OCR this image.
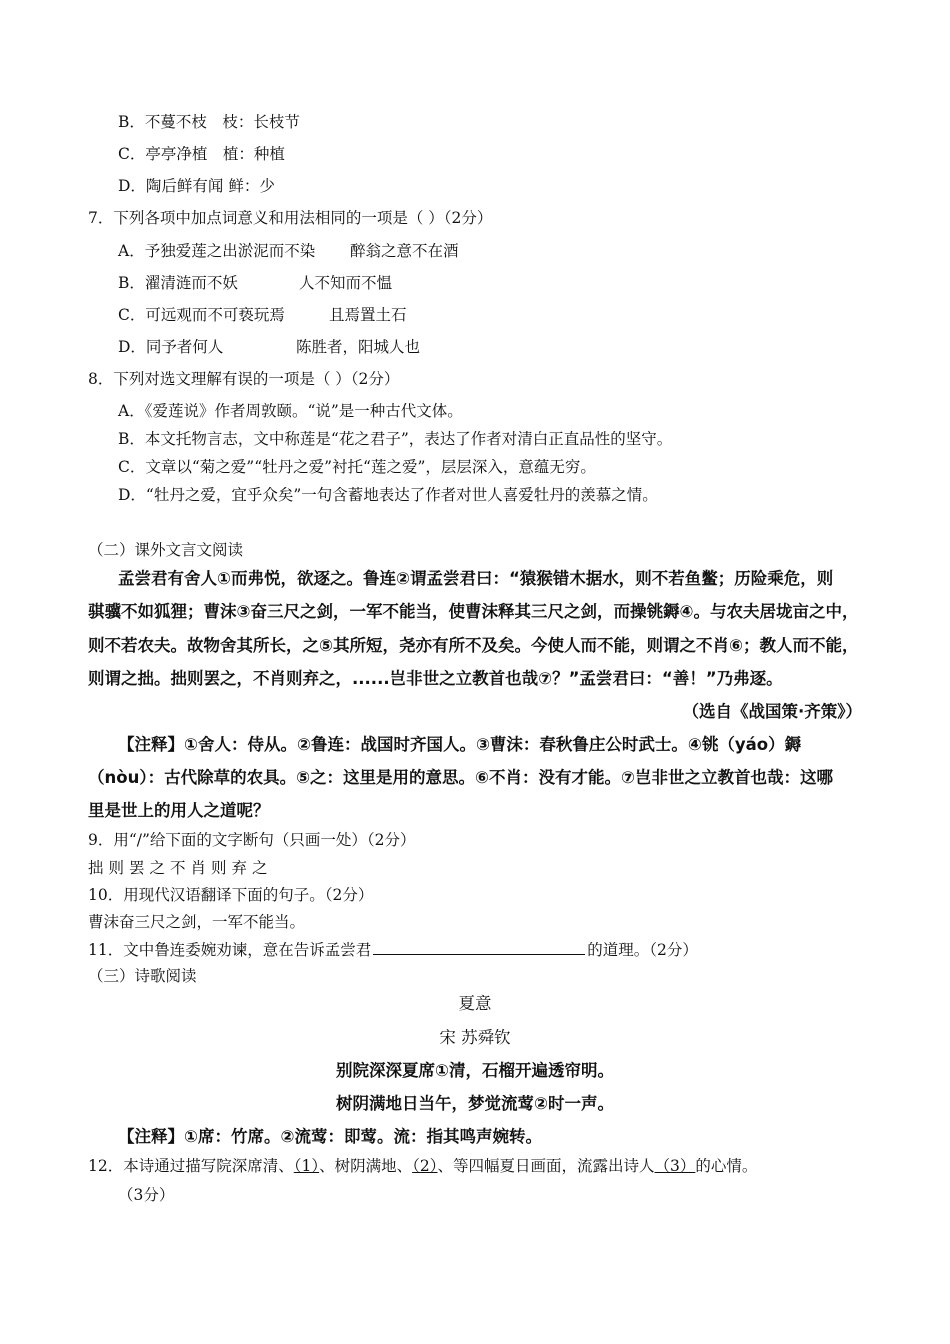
B．不蔓不枝　枝：长枝节
C．亭亭净植　植：种植
D．陶后鲜有闻 鲜：少
7．下列各项中加点词意义和用法相同的一项是（ ）（2分）
A．予独爱莲之出淤泥而不染 醉翁之意不在酒
B．濯清涟而不妖	人不知而不愠
C．可远观而不可亵玩焉	且焉置土石
D．同予者何人	陈胜者，阳城人也
8．下列对选文理解有误的一项是（ ）（2分）
A．《爱莲说》作者周敦颐。“说”是一种古代文体。
B．本文托物言志，文中称莲是“花之君子”，表达了作者对清白正直品性的坚守。
C．文章以“菊之爱”“牡丹之爱”衬托“莲之爱”，层层深入，意蕴无穷。
D．“牡丹之爱，宜乎众矣”一句含蓄地表达了作者对世人喜爱牡丹的羡慕之情。
（二）课外文言文阅读
孟尝君有舍人①而弗悦，欲逐之。鲁连②谓孟尝君曰：“猿猴错木据水，则不若鱼鳖；历险乘危，则
骐骥不如狐狸；曹沫③奋三尺之剑，一军不能当，使曹沫释其三尺之剑，而操铫鎒④。与农夫居垅亩之中，
则不若农夫。故物舍其所长，之⑤其所短，尧亦有所不及矣。今使人而不能，则谓之不肖⑥；教人而不能，
则谓之拙。拙则罢之，不肖则弃之，......岂非世之立教首也哉⑦？”孟尝君曰：“善！”乃弗逐。
（选自《战国策·齐策》）
【注释】①舍人：侍从。②鲁连：战国时齐国人。③曹沫：春秋鲁庄公时武士。④铫（yáo）鎒
（nòu）：古代除草的农具。⑤之：这里是用的意思。⑥不肖：没有才能。⑦岂非世之立教首也哉：这哪
里是世上的用人之道呢？
9．用“/”给下面的文字断句（只画一处）（2分）
拙则罢之不肖则弃之
10．用现代汉语翻译下面的句子。（2分）
曹沫奋三尺之剑，一军不能当。
11．文中鲁连委婉劝谏，意在告诉孟尝君	的道理。（2分）
（三）诗歌阅读
夏意
宋 苏舜钦
别院深深夏席①清，石榴开遍透帘明。
树阴满地日当午，梦觉流莺②时一声。
【注释】①席：竹席。②流莺：即莺。流：指其鸣声婉转。
12．本诗通过描写院深席清、（1）、树阴满地、（2）、等四幅夏日画面，流露出诗人（3）的心情。
（3分）
